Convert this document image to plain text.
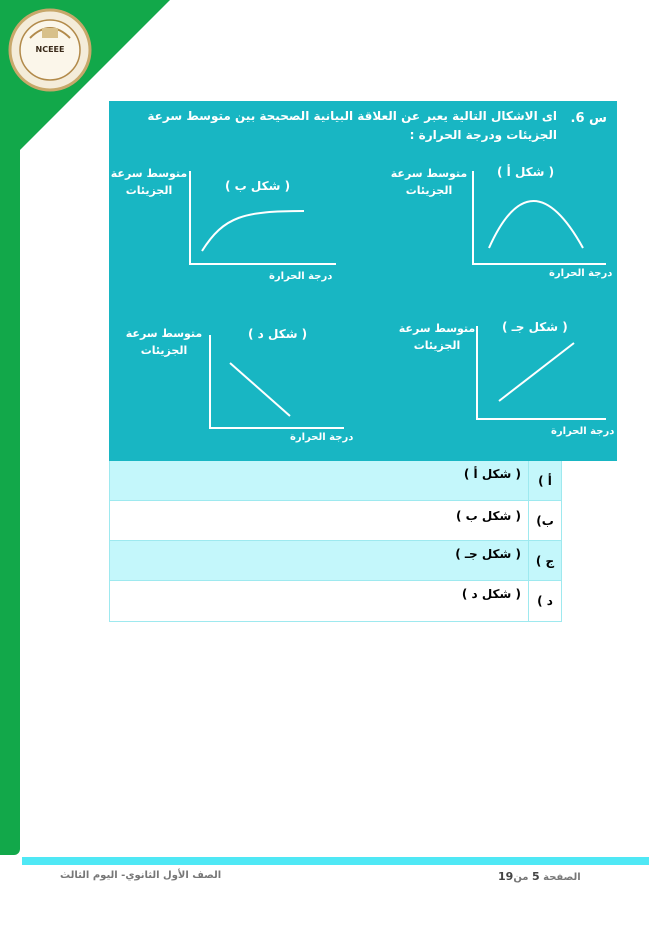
NCEEE
س 6.
اى الاشكال التالية يعبر عن العلاقة البيانية الصحيحة بين متوسط سرعة الجزيئات ودرجة الحرارة :
( شكل أ )
متوسط سرعة الجزيئات
درجة الحرارة
( شكل ب )
متوسط سرعة الجزيئات
درجة الحرارة
( شكل جـ )
متوسط سرعة الجزيئات
درجة الحرارة
( شكل د )
متوسط سرعة الجزيئات
درجة الحرارة
أ )
( شكل أ )
ب)
( شكل ب )
ج )
( شكل جـ )
د )
( شكل د )
الصف الأول الثانوي- اليوم الثالث	الصفحة 5 من19
